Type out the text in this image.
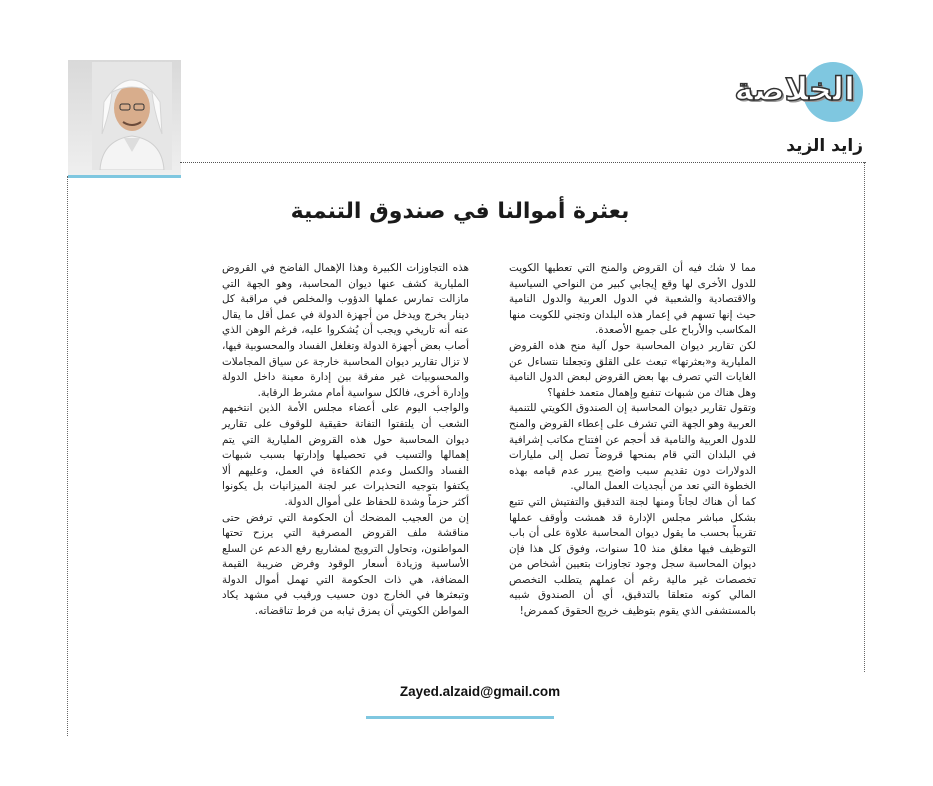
الخلاصة
زايد الزيد
بعثرة أموالنا في صندوق التنمية

مما لا شك فيه أن القروض والمنح التي تعطيها الكويت للدول الأخرى لها وقع إيجابي كبير من النواحي السياسية والاقتصادية والشعبية في الدول العربية والدول النامية حيث إنها تسهم في إعمار هذه البلدان وتجني للكويت منها المكاسب والأرباح على جميع الأصعدة.

لكن تقارير ديوان المحاسبة حول آلية منح هذه القروض المليارية و«بعثرتها» تبعث على القلق وتجعلنا نتساءل عن الغايات التي تصرف بها بعض القروض لبعض الدول النامية وهل هناك من شبهات تنفيع وإهمال متعمد خلفها؟

وتقول تقارير ديوان المحاسبة إن الصندوق الكويتي للتنمية العربية وهو الجهة التي تشرف على إعطاء القروض والمنح للدول العربية والنامية قد أحجم عن افتتاح مكاتب إشرافية في البلدان التي قام بمنحها قروضاً تصل إلى مليارات الدولارات دون تقديم سبب واضح يبرر عدم قيامه بهذه الخطوة التي تعد من أبجديات العمل المالي.

كما أن هناك لجاناً ومنها لجنة التدقيق والتفتيش التي تتبع بشكل مباشر مجلس الإدارة قد همشت وأوقف عملها تقريباً بحسب ما يقول ديوان المحاسبة علاوة على أن باب التوظيف فيها مغلق منذ 10 سنوات، وفوق كل هذا فإن ديوان المحاسبة سجل وجود تجاوزات بتعيين أشخاص من تخصصات غير مالية رغم أن عملهم يتطلب التخصص المالي كونه متعلقا بالتدقيق، أي أن الصندوق شبيه بالمستشفى الذي يقوم بتوظيف خريج الحقوق كممرض!

هذه التجاوزات الكبيرة وهذا الإهمال الفاضح في القروض المليارية كشف عنها ديوان المحاسبة، وهو الجهة التي مازالت تمارس عملها الدؤوب والمخلص في مراقبة كل دينار يخرج ويدخل من أجهزة الدولة في عمل أقل ما يقال عنه أنه تاريخي ويجب أن يُشكروا عليه، فرغم الوهن الذي أصاب بعض أجهزة الدولة وتغلغل الفساد والمحسوبية فيها، لا تزال تقارير ديوان المحاسبة خارجة عن سياق المجاملات والمحسوبيات غير مفرقة بين إدارة معينة داخل الدولة وإدارة أخرى، فالكل سواسية أمام مشرط الرقابة.

والواجب اليوم على أعضاء مجلس الأمة الذين انتخبهم الشعب أن يلتفتوا التفاتة حقيقية للوقوف على تقارير ديوان المحاسبة حول هذه القروض المليارية التي يتم إهمالها والتسيب في تحصيلها وإدارتها بسبب شبهات الفساد والكسل وعدم الكفاءة في العمل، وعليهم ألا يكتفوا بتوجيه التحذيرات عبر لجنة الميزانيات بل يكونوا أكثر حزماً وشدة للحفاظ على أموال الدولة.

إن من العجيب المضحك أن الحكومة التي ترفض حتى مناقشة ملف القروض المصرفية التي يرزح تحتها المواطنون، وتحاول الترويج لمشاريع رفع الدعم عن السلع الأساسية وزيادة أسعار الوقود وفرض ضريبة القيمة المضافة، هي ذات الحكومة التي تهمل أموال الدولة وتبعثرها في الخارج دون حسيب ورقيب في مشهد يكاد المواطن الكويتي أن يمزق ثيابه من فرط تناقضاته.

Zayed.alzaid@gmail.com
